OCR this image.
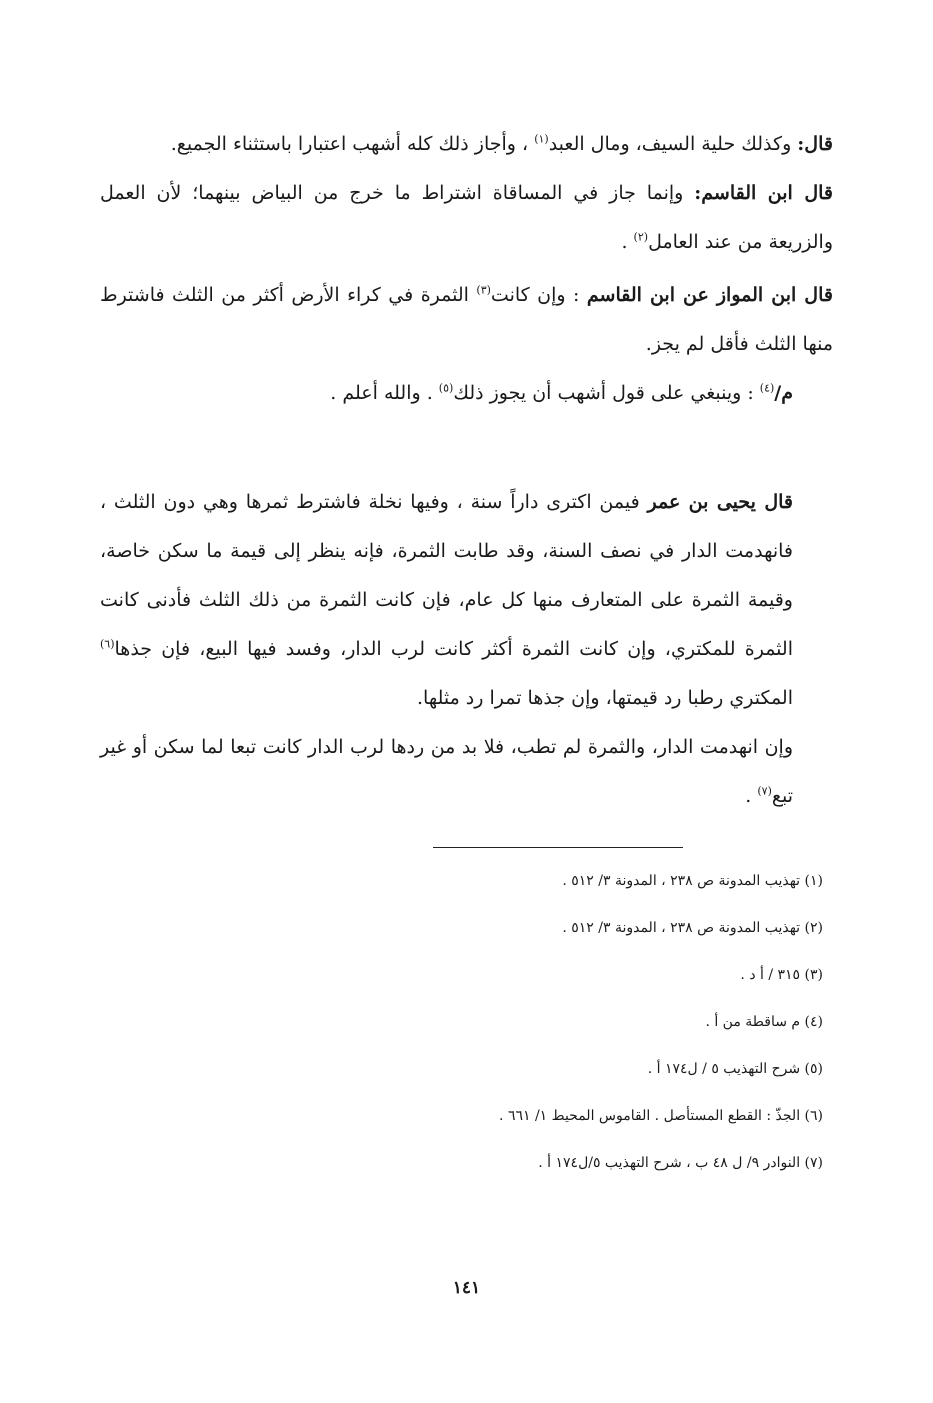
قال: وكذلك حلية السيف، ومال العبد$^{(١)}$ ، وأجاز ذلك كله أشهب اعتبارا باستثناء الجميع.

قال ابن القاسم: وإنما جاز في المساقاة اشتراط ما خرج من البياض بينهما؛ لأن العمل والزريعة من عند العامل$^{(٢)}$ .

قال ابن المواز عن ابن القاسم : وإن كانت$^{(٣)}$ الثمرة في كراء الأرض أكثر من الثلث فاشترط منها الثلث فأقل لم يجز.

م/$^{(٤)}$ : وينبغي على قول أشهب أن يجوز ذلك$^{(٥)}$ . والله أعلم .

قال يحيى بن عمر فيمن اكترى داراً سنة ، وفيها نخلة فاشترط ثمرها وهي دون الثلث ، فانهدمت الدار في نصف السنة، وقد طابت الثمرة، فإنه ينظر إلى قيمة ما سكن خاصة، وقيمة الثمرة على المتعارف منها كل عام، فإن كانت الثمرة من ذلك الثلث فأدنى كانت الثمرة للمكتري، وإن كانت الثمرة أكثر كانت لرب الدار، وفسد فيها البيع، فإن جذها$^{(٦)}$ المكتري رطبا رد قيمتها، وإن جذها تمرا رد مثلها.

وإن انهدمت الدار، والثمرة لم تطب، فلا بد من ردها لرب الدار كانت تبعا لما سكن أو غير تبع$^{(٧)}$ .

(١) تهذيب المدونة ص ٢٣٨ ، المدونة ٣/ ٥١٢ .
(٢) تهذيب المدونة ص ٢٣٨ ، المدونة ٣/ ٥١٢ .
(٣) ٣١٥ / أ د .
(٤) م ساقطة من أ .
(٥) شرح التهذيب ٥ / ل١٧٤ أ .
(٦) الجذّ : القطع المستأصل . القاموس المحيط ١/ ٦٦١ .
(٧) النوادر ٩/ ل ٤٨ ب ، شرح التهذيب ٥/ل١٧٤ أ .
١٤١
